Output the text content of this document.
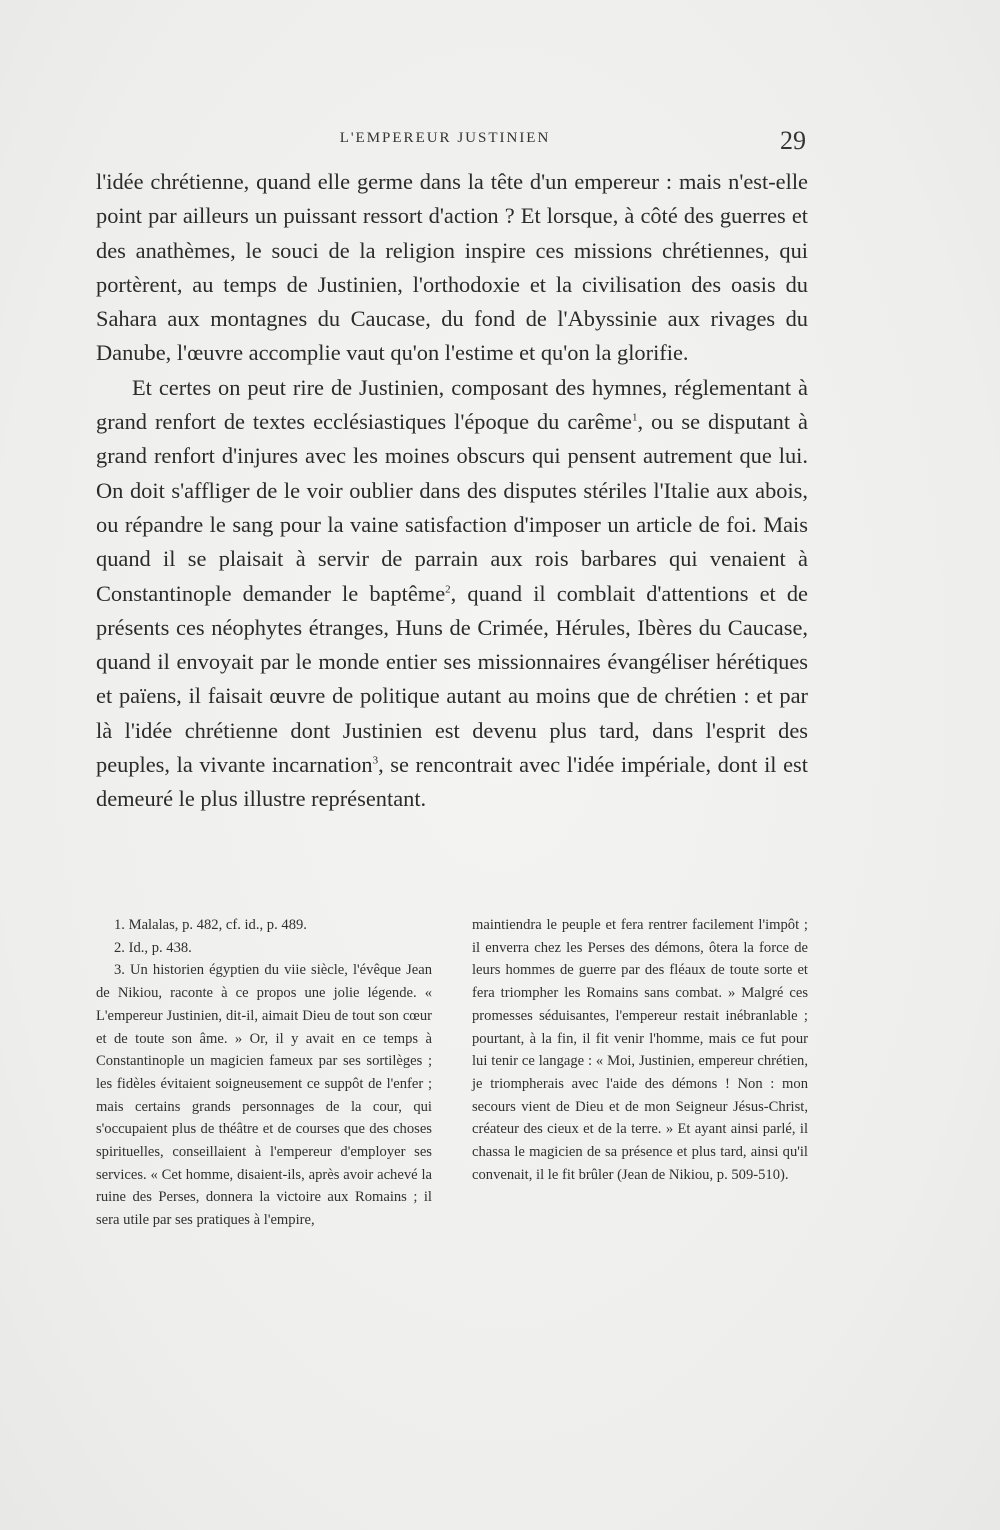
L'EMPEREUR JUSTINIEN	29

l'idée chrétienne, quand elle germe dans la tête d'un empereur : mais n'est-elle point par ailleurs un puissant ressort d'action ? Et lorsque, à côté des guerres et des anathèmes, le souci de la religion inspire ces missions chrétiennes, qui portèrent, au temps de Justinien, l'orthodoxie et la civilisation des oasis du Sahara aux montagnes du Caucase, du fond de l'Abyssinie aux rivages du Danube, l'œuvre accomplie vaut qu'on l'estime et qu'on la glorifie.

Et certes on peut rire de Justinien, composant des hymnes, réglementant à grand renfort de textes ecclésiastiques l'époque du carême$^1$, ou se disputant à grand renfort d'injures avec les moines obscurs qui pensent autrement que lui. On doit s'affliger de le voir oublier dans des disputes stériles l'Italie aux abois, ou répandre le sang pour la vaine satisfaction d'imposer un article de foi. Mais quand il se plaisait à servir de parrain aux rois barbares qui venaient à Constantinople demander le baptême$^2$, quand il comblait d'attentions et de présents ces néophytes étranges, Huns de Crimée, Hérules, Ibères du Caucase, quand il envoyait par le monde entier ses missionnaires évangéliser hérétiques et païens, il faisait œuvre de politique autant au moins que de chrétien : et par là l'idée chrétienne dont Justinien est devenu plus tard, dans l'esprit des peuples, la vivante incarnation$^3$, se rencontrait avec l'idée impériale, dont il est demeuré le plus illustre représentant.

1. Malalas, p. 482, cf. id., p. 489.

2. Id., p. 438.

3. Un historien égyptien du viie siècle, l'évêque Jean de Nikiou, raconte à ce propos une jolie légende. « L'empereur Justinien, dit-il, aimait Dieu de tout son cœur et de toute son âme. » Or, il y avait en ce temps à Constantinople un magicien fameux par ses sortilèges ; les fidèles évitaient soigneusement ce suppôt de l'enfer ; mais certains grands personnages de la cour, qui s'occupaient plus de théâtre et de courses que des choses spirituelles, conseillaient à l'empereur d'employer ses services. « Cet homme, disaient-ils, après avoir achevé la ruine des Perses, donnera la victoire aux Romains ; il sera utile par ses pratiques à l'empire,

maintiendra le peuple et fera rentrer facilement l'impôt ; il enverra chez les Perses des démons, ôtera la force de leurs hommes de guerre par des fléaux de toute sorte et fera triompher les Romains sans combat. » Malgré ces promesses séduisantes, l'empereur restait inébranlable ; pourtant, à la fin, il fit venir l'homme, mais ce fut pour lui tenir ce langage : « Moi, Justinien, empereur chrétien, je triompherais avec l'aide des démons ! Non : mon secours vient de Dieu et de mon Seigneur Jésus-Christ, créateur des cieux et de la terre. » Et ayant ainsi parlé, il chassa le magicien de sa présence et plus tard, ainsi qu'il convenait, il le fit brûler (Jean de Nikiou, p. 509-510).
